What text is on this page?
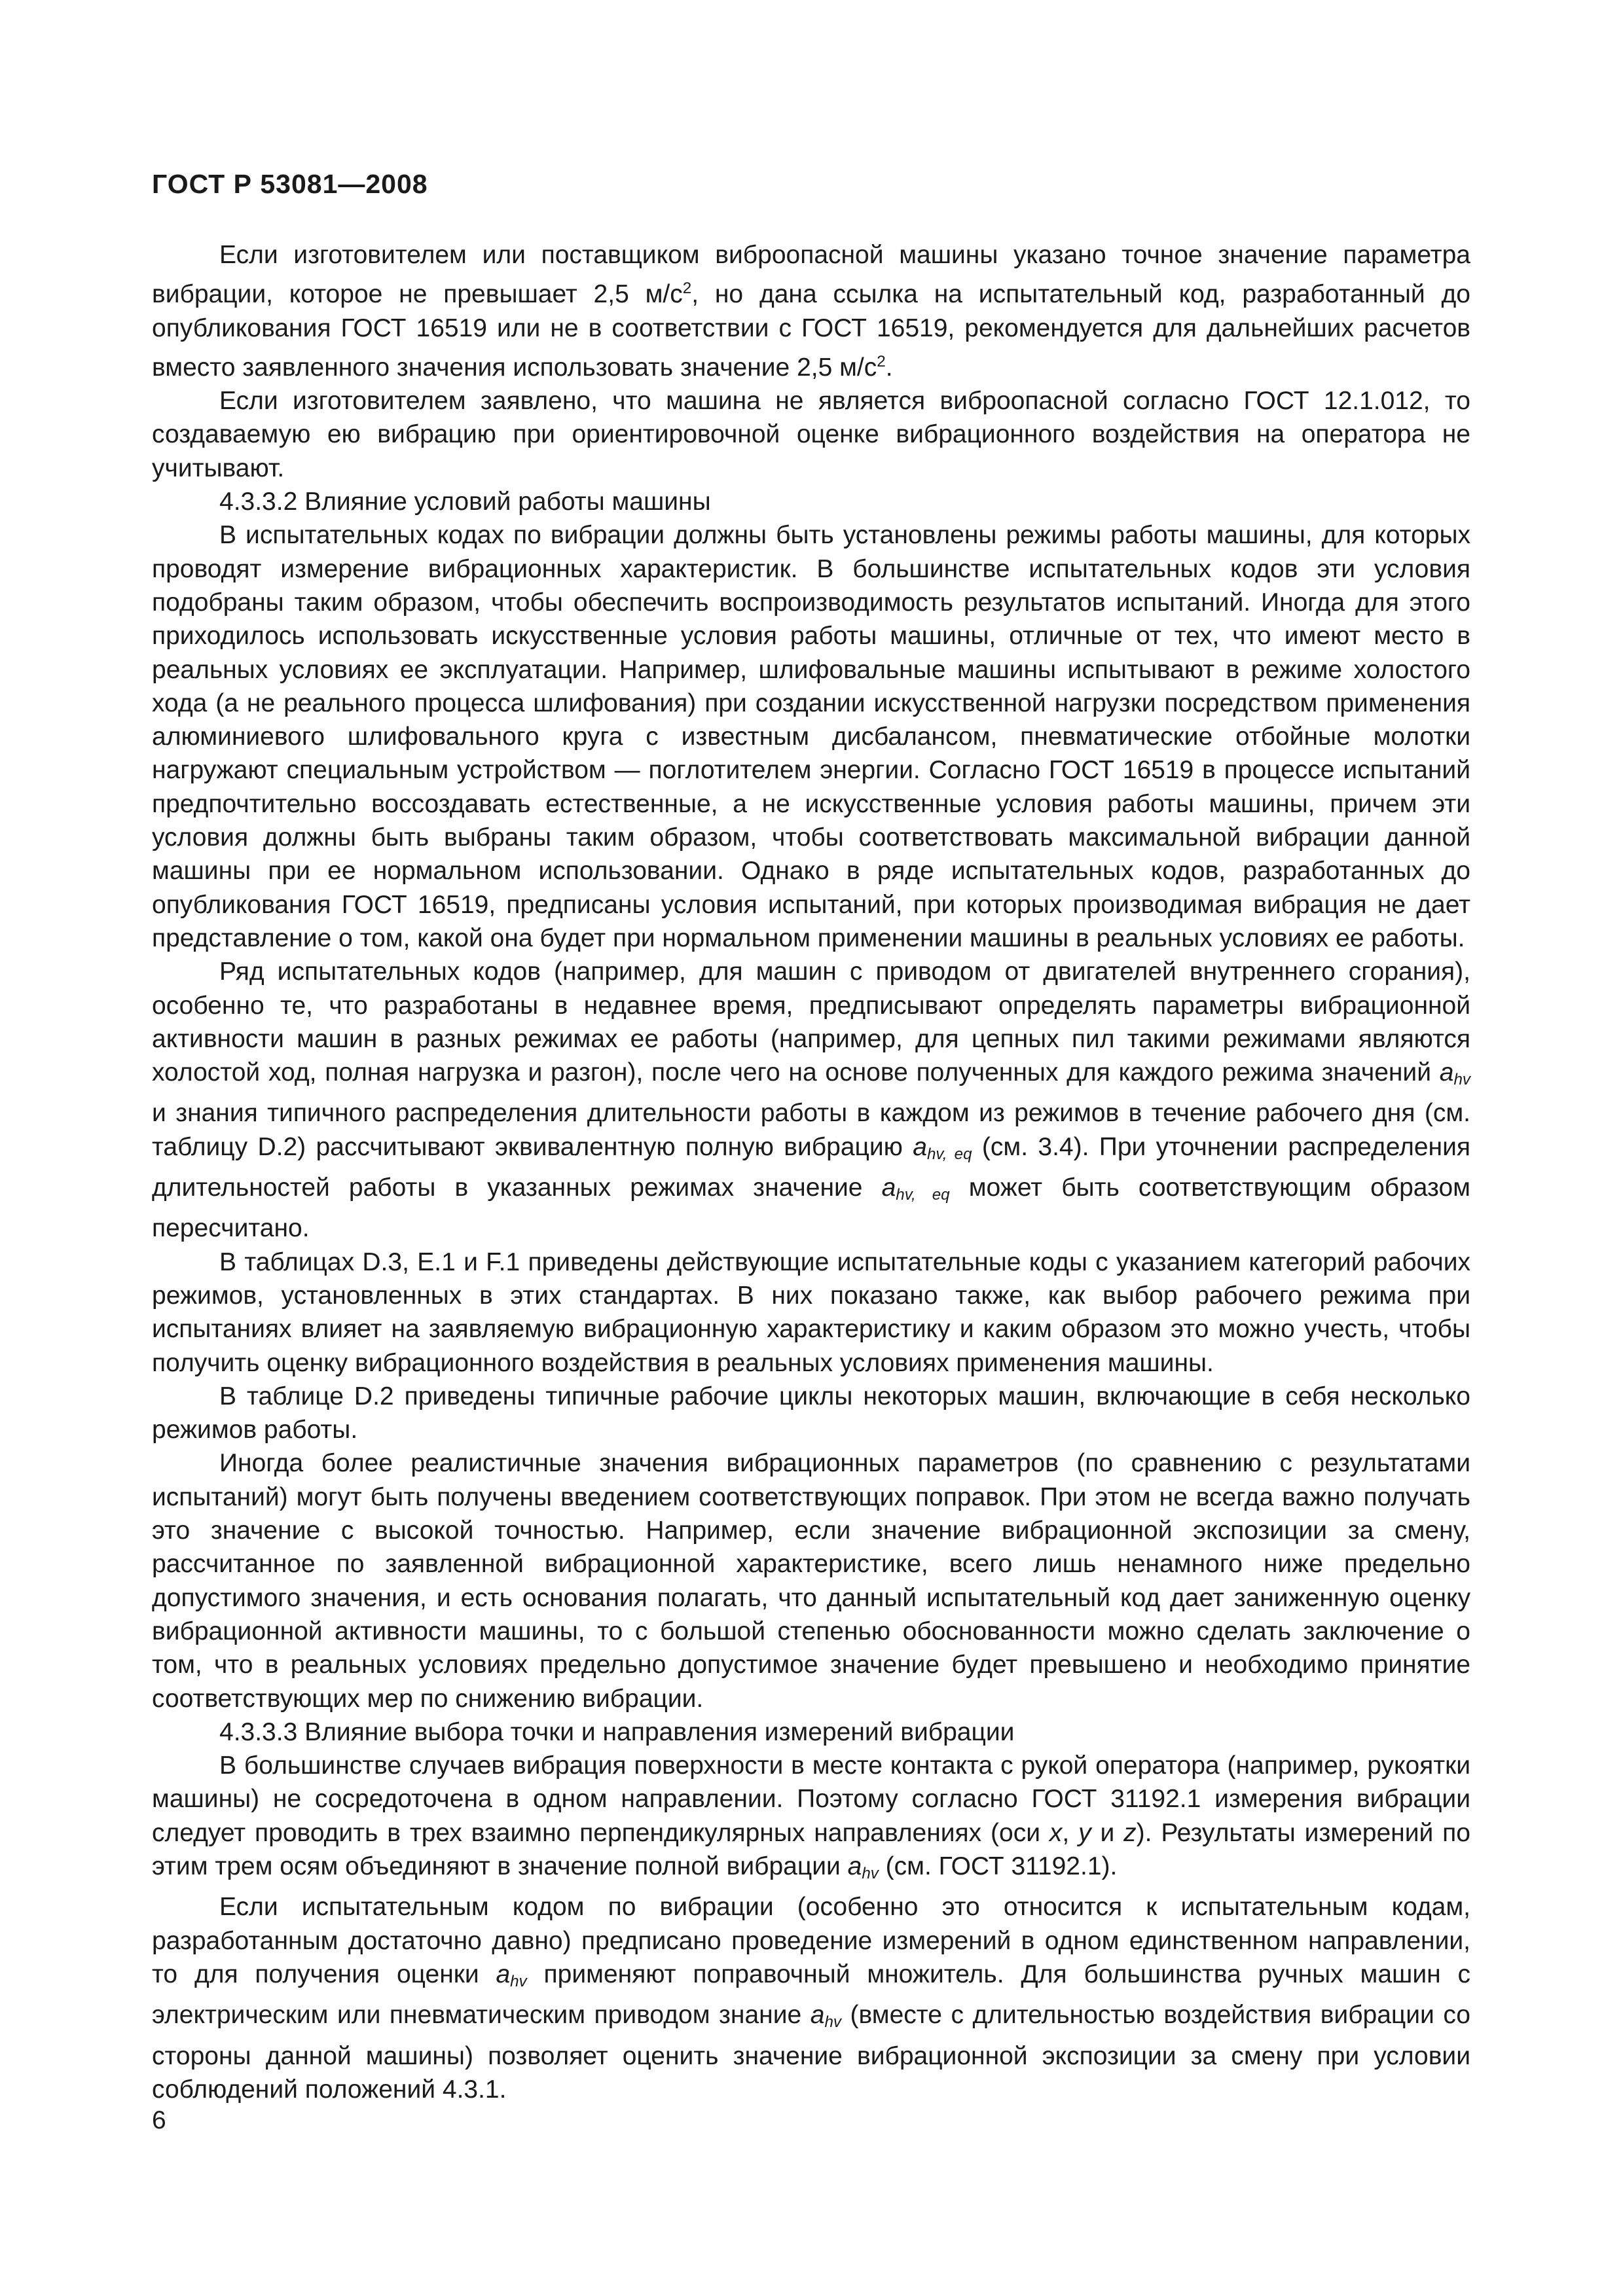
ГОСТ Р 53081—2008

Если изготовителем или поставщиком виброопасной машины указано точное значение параметра вибрации, которое не превышает 2,5 $м/с^2$, но дана ссылка на испытательный код, разработанный до опубликования ГОСТ 16519 или не в соответствии с ГОСТ 16519, рекомендуется для дальнейших расчетов вместо заявленного значения использовать значение 2,5 $м/с^2$.

Если изготовителем заявлено, что машина не является виброопасной согласно ГОСТ 12.1.012, то создаваемую ею вибрацию при ориентировочной оценке вибрационного воздействия на оператора не учитывают.

4.3.3.2 Влияние условий работы машины

В испытательных кодах по вибрации должны быть установлены режимы работы машины, для которых проводят измерение вибрационных характеристик. В большинстве испытательных кодов эти условия подобраны таким образом, чтобы обеспечить воспроизводимость результатов испытаний. Иногда для этого приходилось использовать искусственные условия работы машины, отличные от тех, что имеют место в реальных условиях ее эксплуатации. Например, шлифовальные машины испытывают в режиме холостого хода (а не реального процесса шлифования) при создании искусственной нагрузки посредством применения алюминиевого шлифовального круга с известным дисбалансом, пневматические отбойные молотки нагружают специальным устройством — поглотителем энергии. Согласно ГОСТ 16519 в процессе испытаний предпочтительно воссоздавать естественные, а не искусственные условия работы машины, причем эти условия должны быть выбраны таким образом, чтобы соответствовать максимальной вибрации данной машины при ее нормальном использовании. Однако в ряде испытательных кодов, разработанных до опубликования ГОСТ 16519, предписаны условия испытаний, при которых производимая вибрация не дает представление о том, какой она будет при нормальном применении машины в реальных условиях ее работы.

Ряд испытательных кодов (например, для машин с приводом от двигателей внутреннего сгорания), особенно те, что разработаны в недавнее время, предписывают определять параметры вибрационной активности машин в разных режимах ее работы (например, для цепных пил такими режимами являются холостой ход, полная нагрузка и разгон), после чего на основе полученных для каждого режима значений $a_{hv}$ и знания типичного распределения длительности работы в каждом из режимов в течение рабочего дня (см. таблицу D.2) рассчитывают эквивалентную полную вибрацию $a_{hv, eq}$ (см. 3.4). При уточнении распределения длительностей работы в указанных режимах значение $a_{hv, eq}$ может быть соответствующим образом пересчитано.

В таблицах D.3, E.1 и F.1 приведены действующие испытательные коды с указанием категорий рабочих режимов, установленных в этих стандартах. В них показано также, как выбор рабочего режима при испытаниях влияет на заявляемую вибрационную характеристику и каким образом это можно учесть, чтобы получить оценку вибрационного воздействия в реальных условиях применения машины.

В таблице D.2 приведены типичные рабочие циклы некоторых машин, включающие в себя несколько режимов работы.

Иногда более реалистичные значения вибрационных параметров (по сравнению с результатами испытаний) могут быть получены введением соответствующих поправок. При этом не всегда важно получать это значение с высокой точностью. Например, если значение вибрационной экспозиции за смену, рассчитанное по заявленной вибрационной характеристике, всего лишь ненамного ниже предельно допустимого значения, и есть основания полагать, что данный испытательный код дает заниженную оценку вибрационной активности машины, то с большой степенью обоснованности можно сделать заключение о том, что в реальных условиях предельно допустимое значение будет превышено и необходимо принятие соответствующих мер по снижению вибрации.

4.3.3.3 Влияние выбора точки и направления измерений вибрации

В большинстве случаев вибрация поверхности в месте контакта с рукой оператора (например, рукоятки машины) не сосредоточена в одном направлении. Поэтому согласно ГОСТ 31192.1 измерения вибрации следует проводить в трех взаимно перпендикулярных направлениях (оси x, y и z). Результаты измерений по этим трем осям объединяют в значение полной вибрации $a_{hv}$ (см. ГОСТ 31192.1).

Если испытательным кодом по вибрации (особенно это относится к испытательным кодам, разработанным достаточно давно) предписано проведение измерений в одном единственном направлении, то для получения оценки $a_{hv}$ применяют поправочный множитель. Для большинства ручных машин с электрическим или пневматическим приводом знание $a_{hv}$ (вместе с длительностью воздействия вибрации со стороны данной машины) позволяет оценить значение вибрационной экспозиции за смену при условии соблюдений положений 4.3.1.

6
